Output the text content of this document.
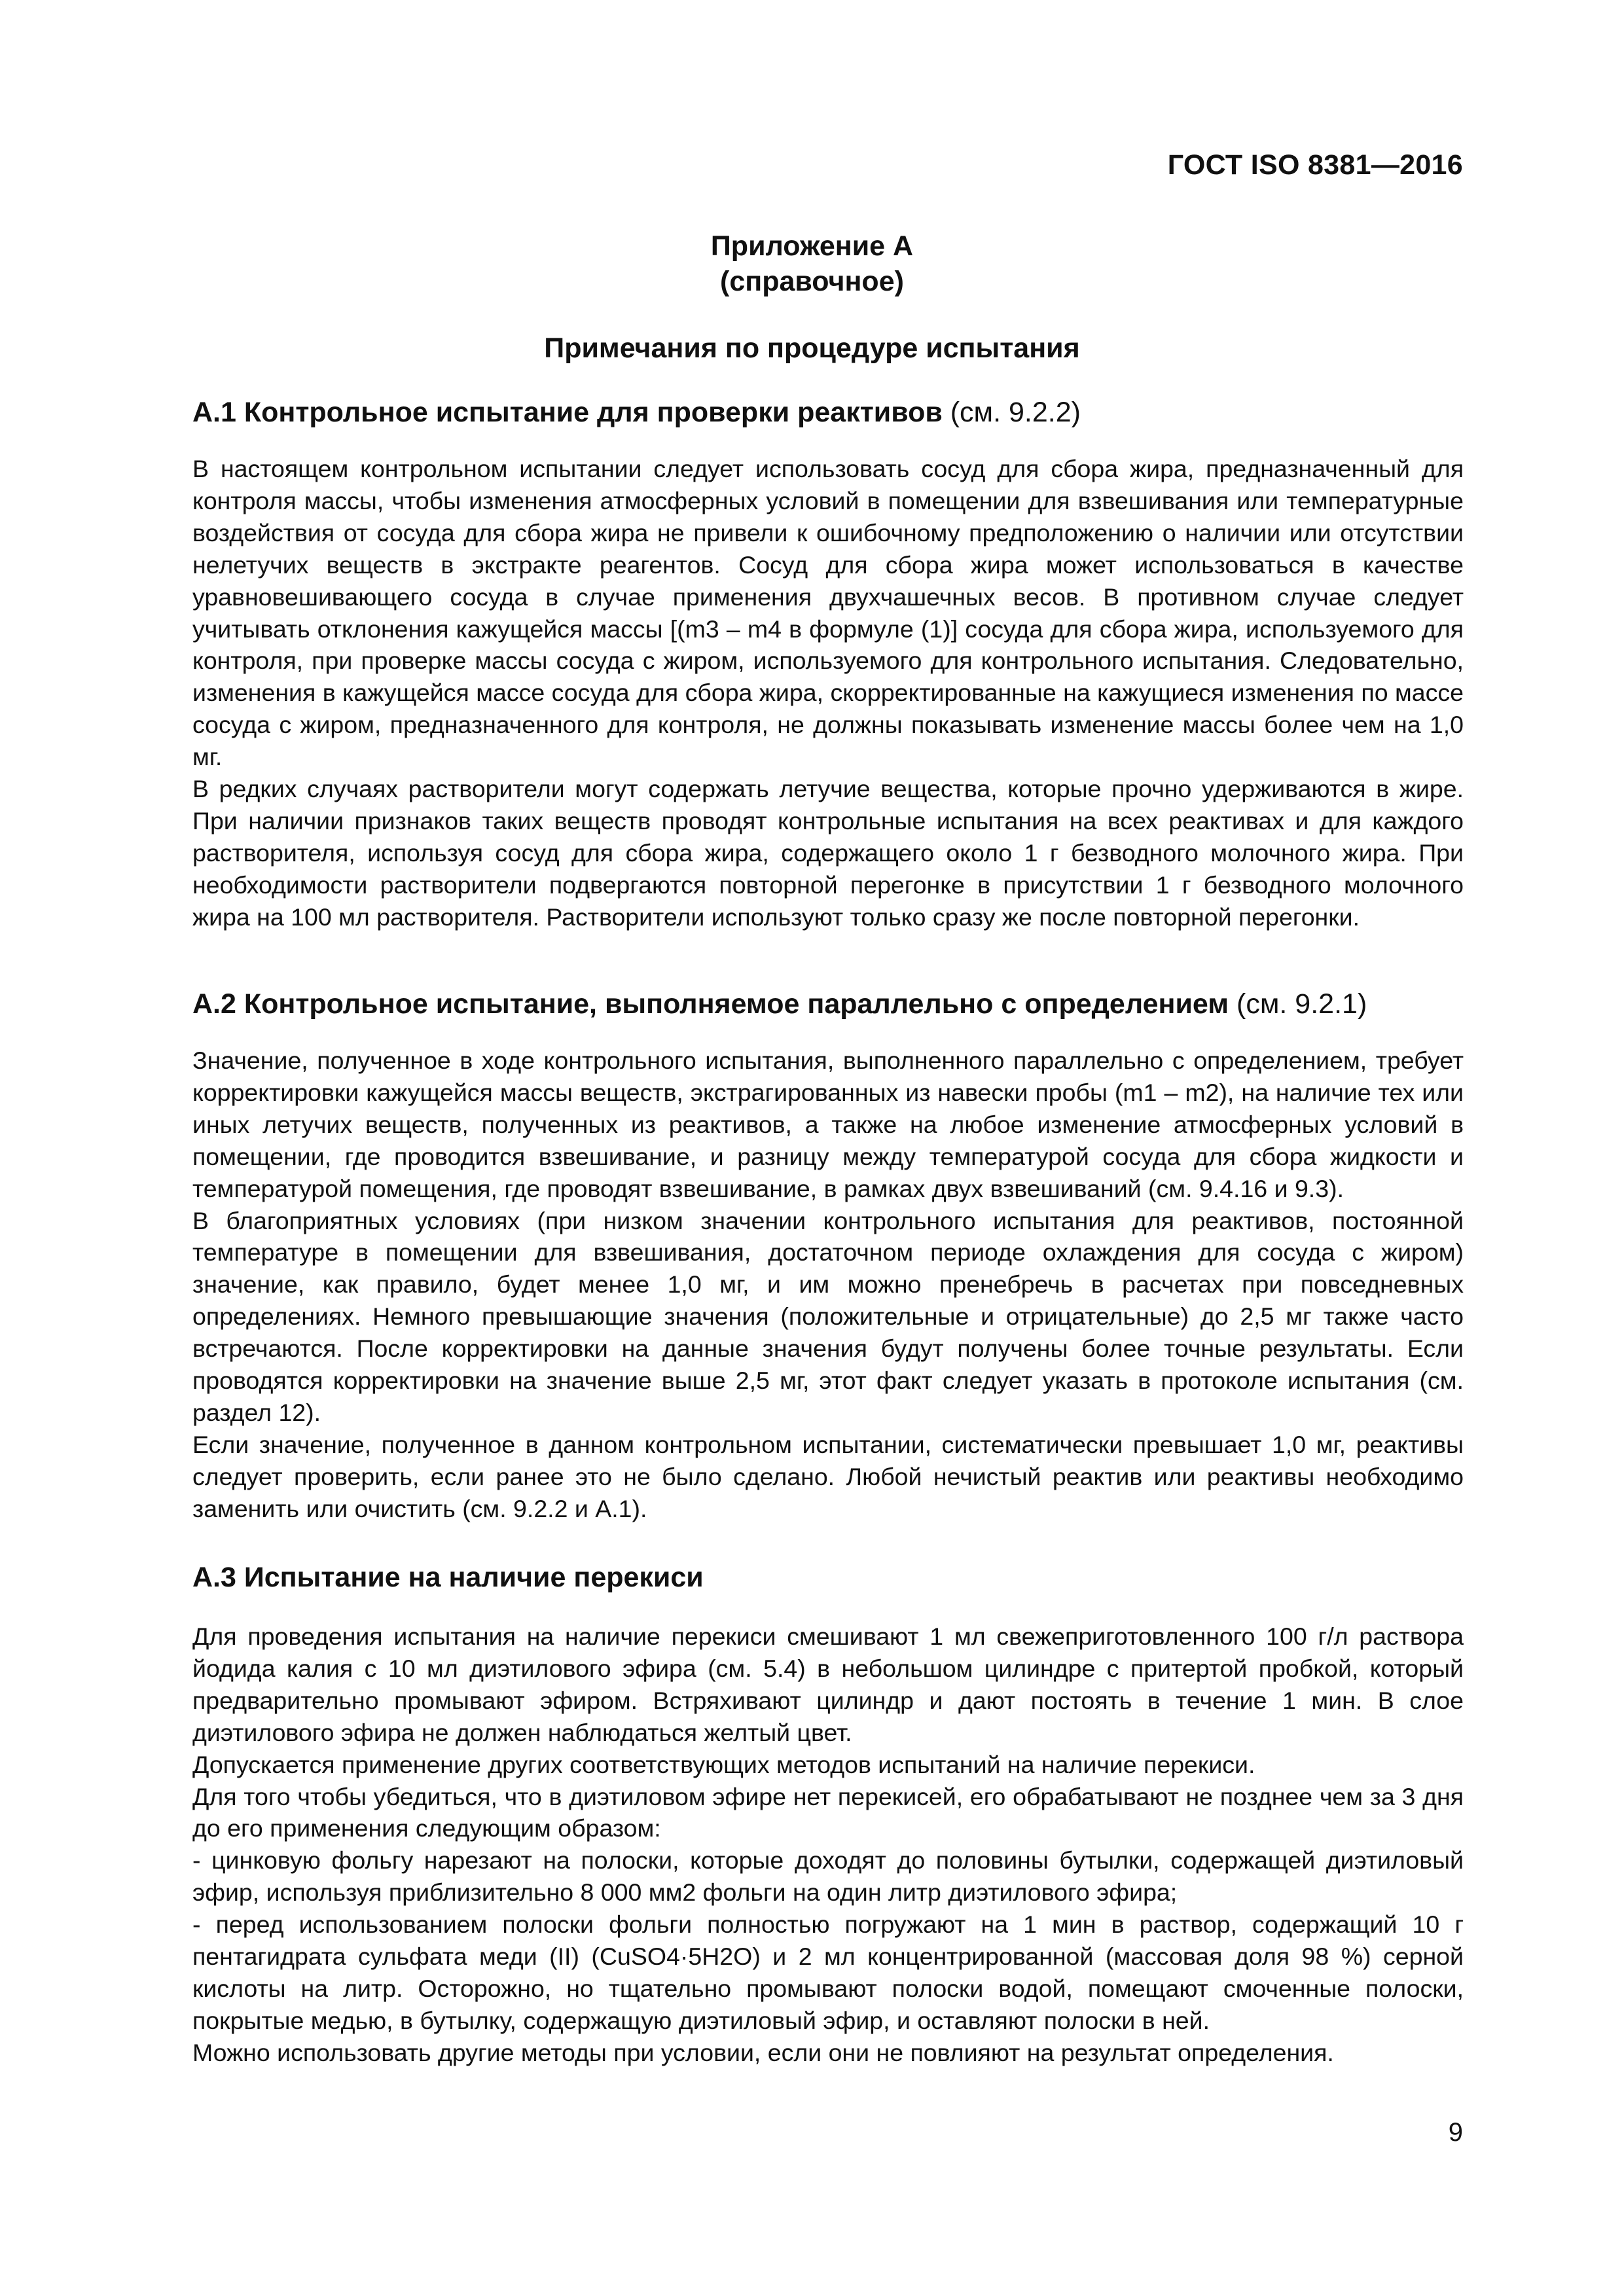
ГОСТ ISO 8381—2016
Приложение А
(справочное)
Примечания по процедуре испытания
А.1 Контрольное испытание для проверки реактивов (см. 9.2.2)

В настоящем контрольном испытании следует использовать сосуд для сбора жира, предназначенный для контроля массы, чтобы изменения атмосферных условий в помещении для взвешивания или температурные воздействия от сосуда для сбора жира не привели к ошибочному предположению о наличии или отсутствии нелетучих веществ в экстракте реагентов. Сосуд для сбора жира может использоваться в качестве уравновешивающего сосуда в случае применения двухчашечных весов. В противном случае следует учитывать отклонения кажущейся массы [(m3 – m4 в формуле (1)] сосуда для сбора жира, используемого для контроля, при проверке массы сосуда с жиром, используемого для контрольного испытания. Следовательно, изменения в кажущейся массе сосуда для сбора жира, скорректированные на кажущиеся изменения по массе сосуда с жиром, предназначенного для контроля, не должны показывать изменение массы более чем на 1,0 мг.

В редких случаях растворители могут содержать летучие вещества, которые прочно удерживаются в жире. При наличии признаков таких веществ проводят контрольные испытания на всех реактивах и для каждого растворителя, используя сосуд для сбора жира, содержащего около 1 г безводного молочного жира. При необходимости растворители подвергаются повторной перегонке в присутствии 1 г безводного молочного жира на 100 мл растворителя. Растворители используют только сразу же после повторной перегонки.

А.2 Контрольное испытание, выполняемое параллельно с определением (см. 9.2.1)

Значение, полученное в ходе контрольного испытания, выполненного параллельно с определением, требует корректировки кажущейся массы веществ, экстрагированных из навески пробы (m1 – m2), на наличие тех или иных летучих веществ, полученных из реактивов, а также на любое изменение атмосферных условий в помещении, где проводится взвешивание, и разницу между температурой сосуда для сбора жидкости и температурой помещения, где проводят взвешивание, в рамках двух взвешиваний (см. 9.4.16 и 9.3).

В благоприятных условиях (при низком значении контрольного испытания для реактивов, постоянной температуре в помещении для взвешивания, достаточном периоде охлаждения для сосуда с жиром) значение, как правило, будет менее 1,0 мг, и им можно пренебречь в расчетах при повседневных определениях. Немного превышающие значения (положительные и отрицательные) до 2,5 мг также часто встречаются. После корректировки на данные значения будут получены более точные результаты. Если проводятся корректировки на значение выше 2,5 мг, этот факт следует указать в протоколе испытания (см. раздел 12).

Если значение, полученное в данном контрольном испытании, систематически превышает 1,0 мг, реактивы следует проверить, если ранее это не было сделано. Любой нечистый реактив или реактивы необходимо заменить или очистить (см. 9.2.2 и А.1).

А.3 Испытание на наличие перекиси

Для проведения испытания на наличие перекиси смешивают 1 мл свежеприготовленного 100 г/л раствора йодида калия с 10 мл диэтилового эфира (см. 5.4) в небольшом цилиндре с притертой пробкой, который предварительно промывают эфиром. Встряхивают цилиндр и дают постоять в течение 1 мин. В слое диэтилового эфира не должен наблюдаться желтый цвет.

Допускается применение других соответствующих методов испытаний на наличие перекиси.

Для того чтобы убедиться, что в диэтиловом эфире нет перекисей, его обрабатывают не позднее чем за 3 дня до его применения следующим образом:

- цинковую фольгу нарезают на полоски, которые доходят до половины бутылки, содержащей диэтиловый эфир, используя приблизительно 8 000 мм2 фольги на один литр диэтилового эфира;

- перед использованием полоски фольги полностью погружают на 1 мин в раствор, содержащий 10 г пентагидрата сульфата меди (II) (CuSO4·5H2O) и 2 мл концентрированной (массовая доля 98 %) серной кислоты на литр. Осторожно, но тщательно промывают полоски водой, помещают смоченные полоски, покрытые медью, в бутылку, содержащую диэтиловый эфир, и оставляют полоски в ней.

Можно использовать другие методы при условии, если они не повлияют на результат определения.

9
